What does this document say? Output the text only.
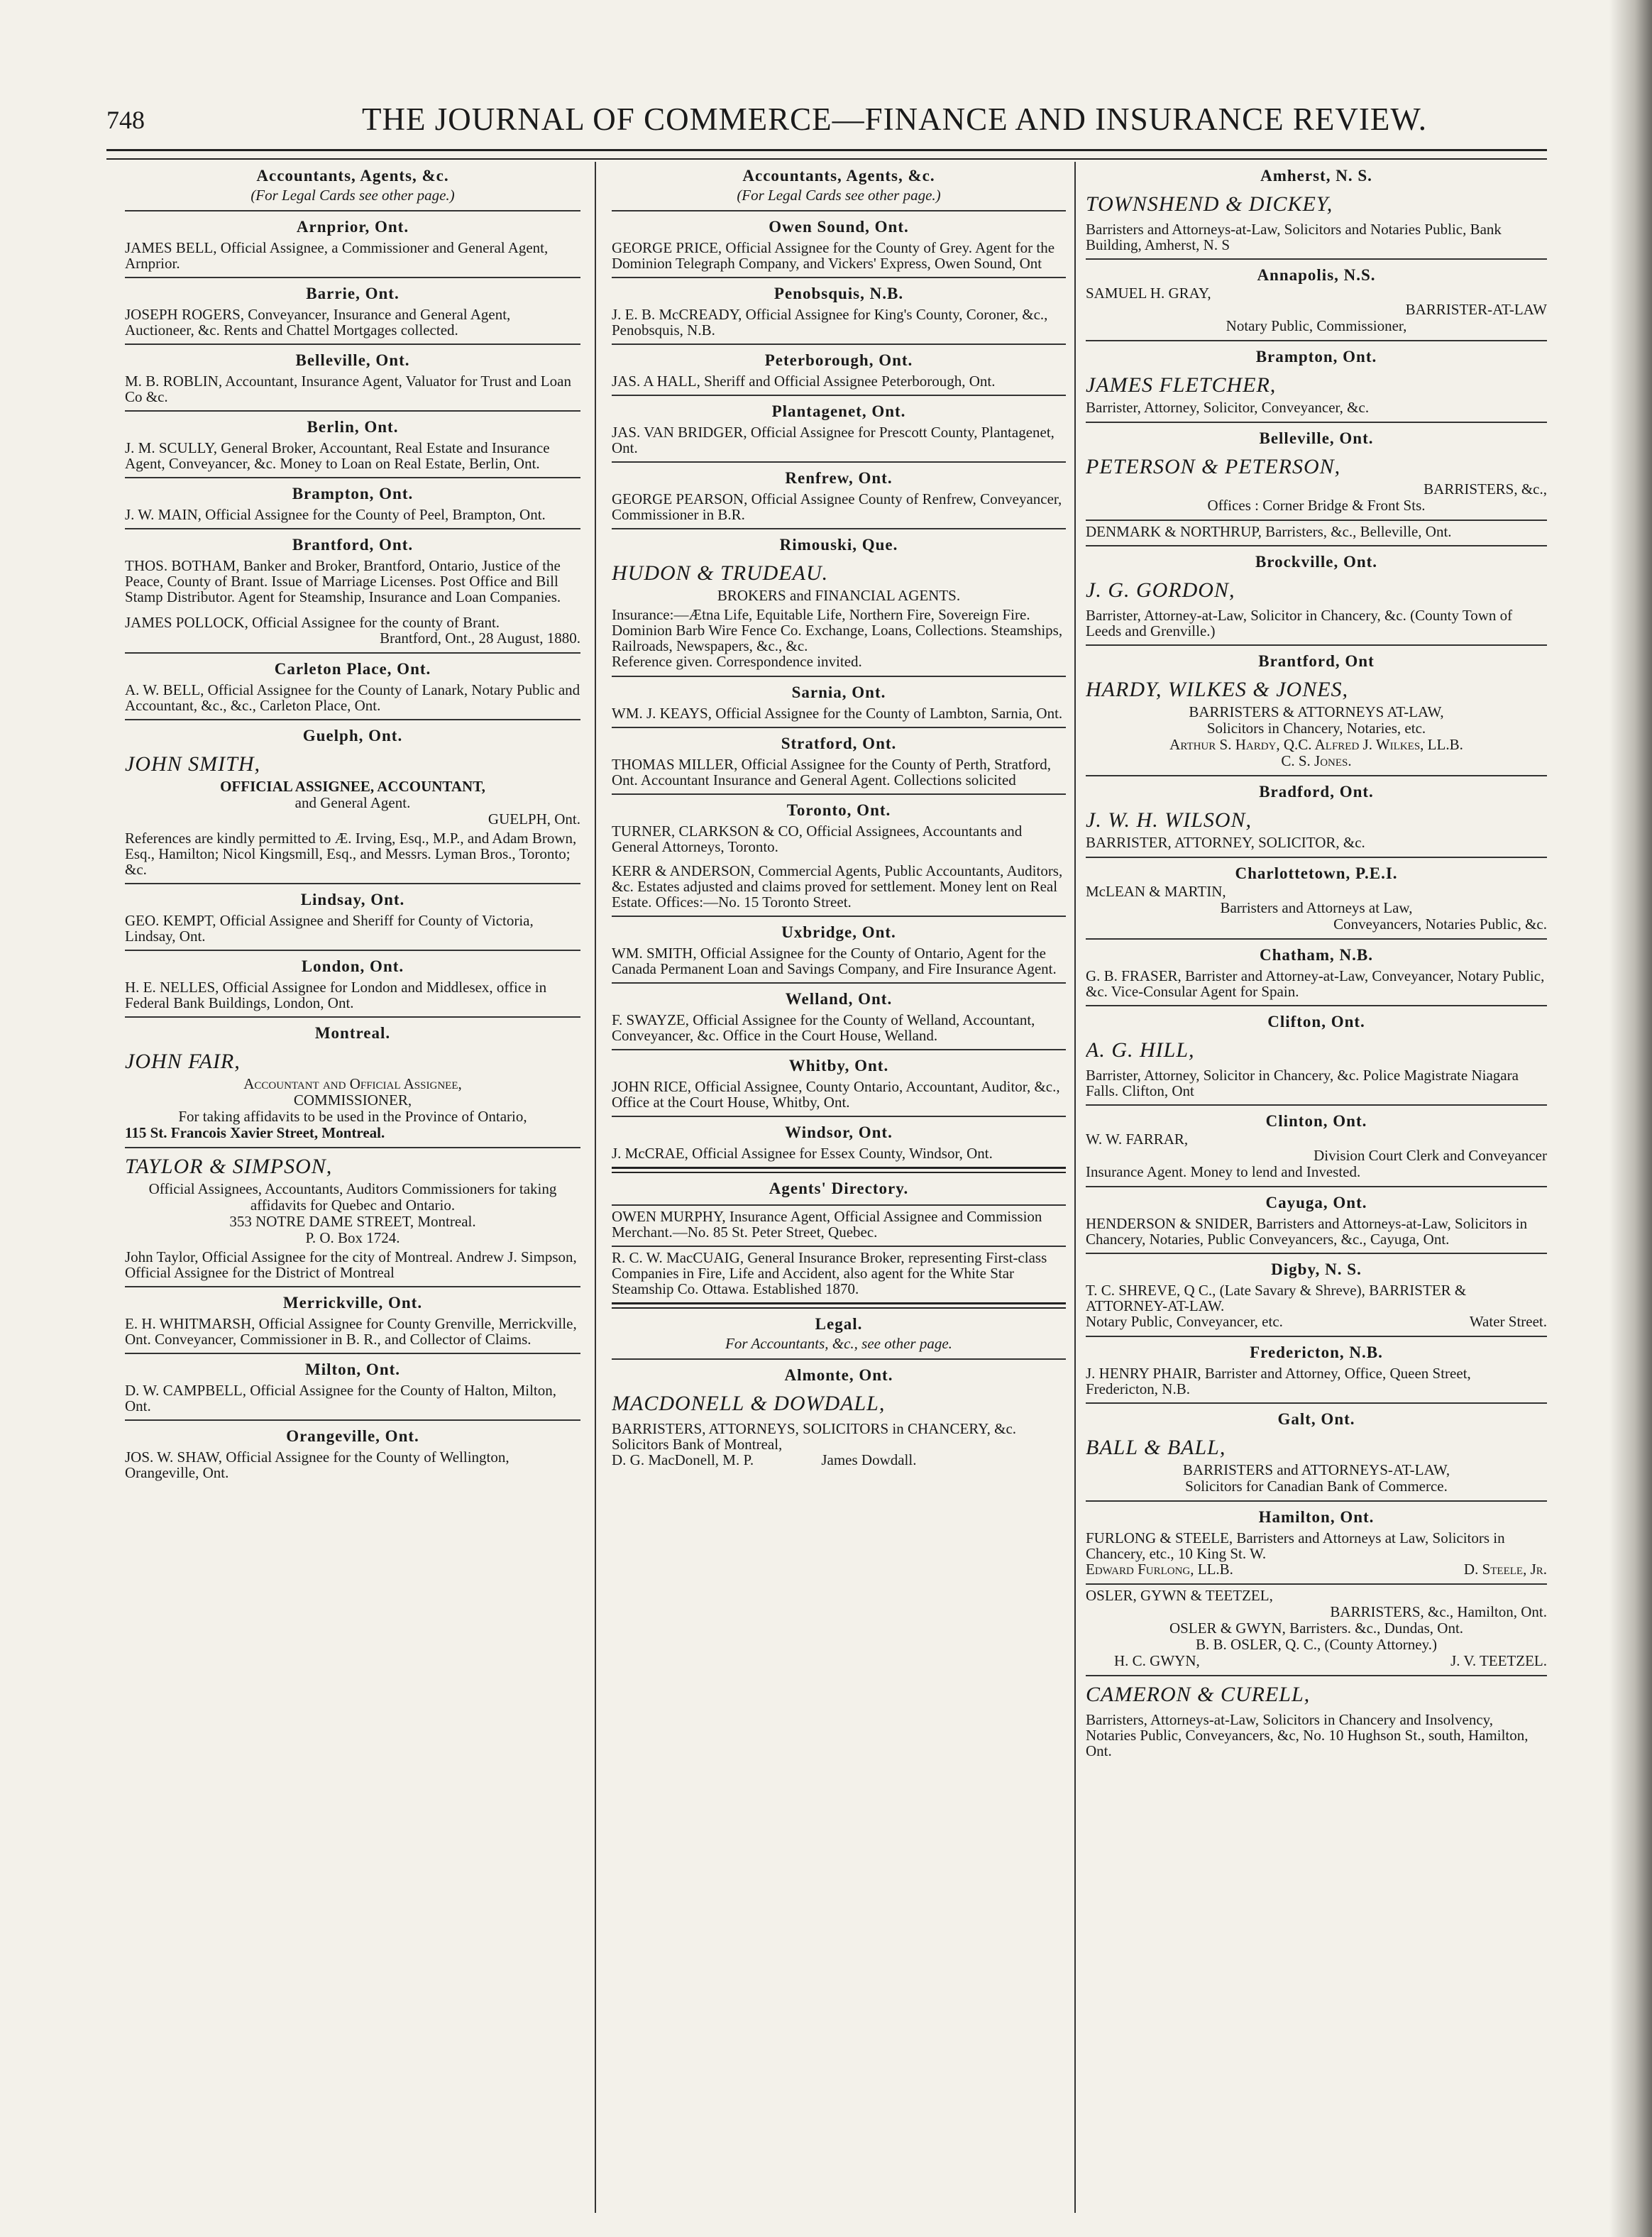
748	THE JOURNAL OF COMMERCE—FINANCE AND INSURANCE REVIEW.
Accountants, Agents, &c.
(For Legal Cards see other page.)
Arnprior, Ont.
JAMES BELL, Official Assignee, a Commissioner and General Agent, Arnprior.
Barrie, Ont.
JOSEPH ROGERS, Conveyancer, Insurance and General Agent, Auctioneer, &c. Rents and Chattel Mortgages collected.
Belleville, Ont.
M. B. ROBLIN, Accountant, Insurance Agent, Valuator for Trust and Loan Co &c.
Berlin, Ont.
J. M. SCULLY, General Broker, Accountant, Real Estate and Insurance Agent, Conveyancer, &c. Money to Loan on Real Estate, Berlin, Ont.
Brampton, Ont.
J. W. MAIN, Official Assignee for the County of Peel, Brampton, Ont.
Brantford, Ont.
THOS. BOTHAM, Banker and Broker, Brantford, Ontario, Justice of the Peace, County of Brant. Issue of Marriage Licenses. Post Office and Bill Stamp Distributor. Agent for Steamship, Insurance and Loan Companies.
JAMES POLLOCK, Official Assignee for the county of Brant.
Brantford, Ont., 28 August, 1880.
Carleton Place, Ont.
A. W. BELL, Official Assignee for the County of Lanark, Notary Public and Accountant, &c., &c., Carleton Place, Ont.
Guelph, Ont.
JOHN SMITH,
OFFICIAL ASSIGNEE, ACCOUNTANT,
and General Agent.
GUELPH, Ont.
References are kindly permitted to Æ. Irving, Esq., M.P., and Adam Brown, Esq., Hamilton; Nicol Kingsmill, Esq., and Messrs. Lyman Bros., Toronto; &c.
Lindsay, Ont.
GEO. KEMPT, Official Assignee and Sheriff for County of Victoria, Lindsay, Ont.
London, Ont.
H. E. NELLES, Official Assignee for London and Middlesex, office in Federal Bank Buildings, London, Ont.
Montreal.
JOHN FAIR,
Accountant and Official Assignee,
COMMISSIONER,
For taking affidavits to be used in the Province of Ontario,
115 St. Francois Xavier Street, Montreal.
TAYLOR & SIMPSON,
Official Assignees, Accountants, Auditors Commissioners for taking affidavits for Quebec and Ontario.
353 NOTRE DAME STREET, Montreal.
P. O. Box 1724.
John Taylor, Official Assignee for the city of Montreal. Andrew J. Simpson, Official Assignee for the District of Montreal
Merrickville, Ont.
E. H. WHITMARSH, Official Assignee for County Grenville, Merrickville, Ont. Conveyancer, Commissioner in B. R., and Collector of Claims.
Milton, Ont.
D. W. CAMPBELL, Official Assignee for the County of Halton, Milton, Ont.
Orangeville, Ont.
JOS. W. SHAW, Official Assignee for the County of Wellington, Orangeville, Ont.
Accountants, Agents, &c.
(For Legal Cards see other page.)
Owen Sound, Ont.
GEORGE PRICE, Official Assignee for the County of Grey. Agent for the Dominion Telegraph Company, and Vickers' Express, Owen Sound, Ont
Penobsquis, N.B.
J. E. B. McCREADY, Official Assignee for King's County, Coroner, &c., Penobsquis, N.B.
Peterborough, Ont.
JAS. A HALL, Sheriff and Official Assignee Peterborough, Ont.
Plantagenet, Ont.
JAS. VAN BRIDGER, Official Assignee for Prescott County, Plantagenet, Ont.
Renfrew, Ont.
GEORGE PEARSON, Official Assignee County of Renfrew, Conveyancer, Commissioner in B.R.
Rimouski, Que.
HUDON & TRUDEAU.
BROKERS and FINANCIAL AGENTS.
Insurance:—Ætna Life, Equitable Life, Northern Fire, Sovereign Fire. Dominion Barb Wire Fence Co. Exchange, Loans, Collections. Steamships, Railroads, Newspapers, &c., &c.
Reference given. Correspondence invited.
Sarnia, Ont.
WM. J. KEAYS, Official Assignee for the County of Lambton, Sarnia, Ont.
Stratford, Ont.
THOMAS MILLER, Official Assignee for the County of Perth, Stratford, Ont. Accountant Insurance and General Agent. Collections solicited
Toronto, Ont.
TURNER, CLARKSON & CO, Official Assignees, Accountants and General Attorneys, Toronto.
KERR & ANDERSON, Commercial Agents, Public Accountants, Auditors, &c. Estates adjusted and claims proved for settlement. Money lent on Real Estate. Offices:—No. 15 Toronto Street.
Uxbridge, Ont.
WM. SMITH, Official Assignee for the County of Ontario, Agent for the Canada Permanent Loan and Savings Company, and Fire Insurance Agent.
Welland, Ont.
F. SWAYZE, Official Assignee for the County of Welland, Accountant, Conveyancer, &c. Office in the Court House, Welland.
Whitby, Ont.
JOHN RICE, Official Assignee, County Ontario, Accountant, Auditor, &c., Office at the Court House, Whitby, Ont.
Windsor, Ont.
J. McCRAE, Official Assignee for Essex County, Windsor, Ont.
Agents' Directory.
OWEN MURPHY, Insurance Agent, Official Assignee and Commission Merchant.—No. 85 St. Peter Street, Quebec.
R. C. W. MacCUAIG, General Insurance Broker, representing First-class Companies in Fire, Life and Accident, also agent for the White Star Steamship Co. Ottawa. Established 1870.
Legal.
For Accountants, &c., see other page.
Almonte, Ont.
MACDONELL & DOWDALL,
BARRISTERS, ATTORNEYS, SOLICITORS in CHANCERY, &c. Solicitors Bank of Montreal,
D. G. MacDonell, M. P.	James Dowdall.
Amherst, N. S.
TOWNSHEND & DICKEY,
Barristers and Attorneys-at-Law, Solicitors and Notaries Public, Bank Building, Amherst, N. S
Annapolis, N.S.
SAMUEL H. GRAY,
BARRISTER-AT-LAW
Notary Public, Commissioner,
Brampton, Ont.
JAMES FLETCHER,
Barrister, Attorney, Solicitor, Conveyancer, &c.
Belleville, Ont.
PETERSON & PETERSON,
BARRISTERS, &c.,
Offices : Corner Bridge & Front Sts.
DENMARK & NORTHRUP, Barristers, &c., Belleville, Ont.
Brockville, Ont.
J. G. GORDON,
Barrister, Attorney-at-Law, Solicitor in Chancery, &c. (County Town of Leeds and Grenville.)
Brantford, Ont
HARDY, WILKES & JONES,
BARRISTERS & ATTORNEYS AT-LAW,
Solicitors in Chancery, Notaries, etc.
Arthur S. Hardy, Q.C. Alfred J. Wilkes, LL.B.
C. S. Jones.
Bradford, Ont.
J. W. H. WILSON,
BARRISTER, ATTORNEY, SOLICITOR, &c.
Charlottetown, P.E.I.
McLEAN & MARTIN,
Barristers and Attorneys at Law,
Conveyancers, Notaries Public, &c.
Chatham, N.B.
G. B. FRASER, Barrister and Attorney-at-Law, Conveyancer, Notary Public, &c. Vice-Consular Agent for Spain.
Clifton, Ont.
A. G. HILL,
Barrister, Attorney, Solicitor in Chancery, &c. Police Magistrate Niagara Falls. Clifton, Ont
Clinton, Ont.
W. W. FARRAR,
Division Court Clerk and Conveyancer
Insurance Agent. Money to lend and Invested.
Cayuga, Ont.
HENDERSON & SNIDER, Barristers and Attorneys-at-Law, Solicitors in Chancery, Notaries, Public Conveyancers, &c., Cayuga, Ont.
Digby, N. S.
T. C. SHREVE, Q C., (Late Savary & Shreve), BARRISTER & ATTORNEY-AT-LAW.
Notary Public, Conveyancer, etc.	Water Street.
Fredericton, N.B.
J. HENRY PHAIR, Barrister and Attorney, Office, Queen Street, Fredericton, N.B.
Galt, Ont.
BALL & BALL,
BARRISTERS and ATTORNEYS-AT-LAW,
Solicitors for Canadian Bank of Commerce.
Hamilton, Ont.
FURLONG & STEELE, Barristers and Attorneys at Law, Solicitors in Chancery, etc., 10 King St. W.
Edward Furlong, LL.B.	D. Steele, Jr.
OSLER, GYWN & TEETZEL,
BARRISTERS, &c., Hamilton, Ont.
OSLER & GWYN, Barristers. &c., Dundas, Ont.
B. B. OSLER, Q. C., (County Attorney.)
H. C. GWYN,	J. V. TEETZEL.
CAMERON & CURELL,
Barristers, Attorneys-at-Law, Solicitors in Chancery and Insolvency, Notaries Public, Conveyancers, &c, No. 10 Hughson St., south, Hamilton, Ont.
